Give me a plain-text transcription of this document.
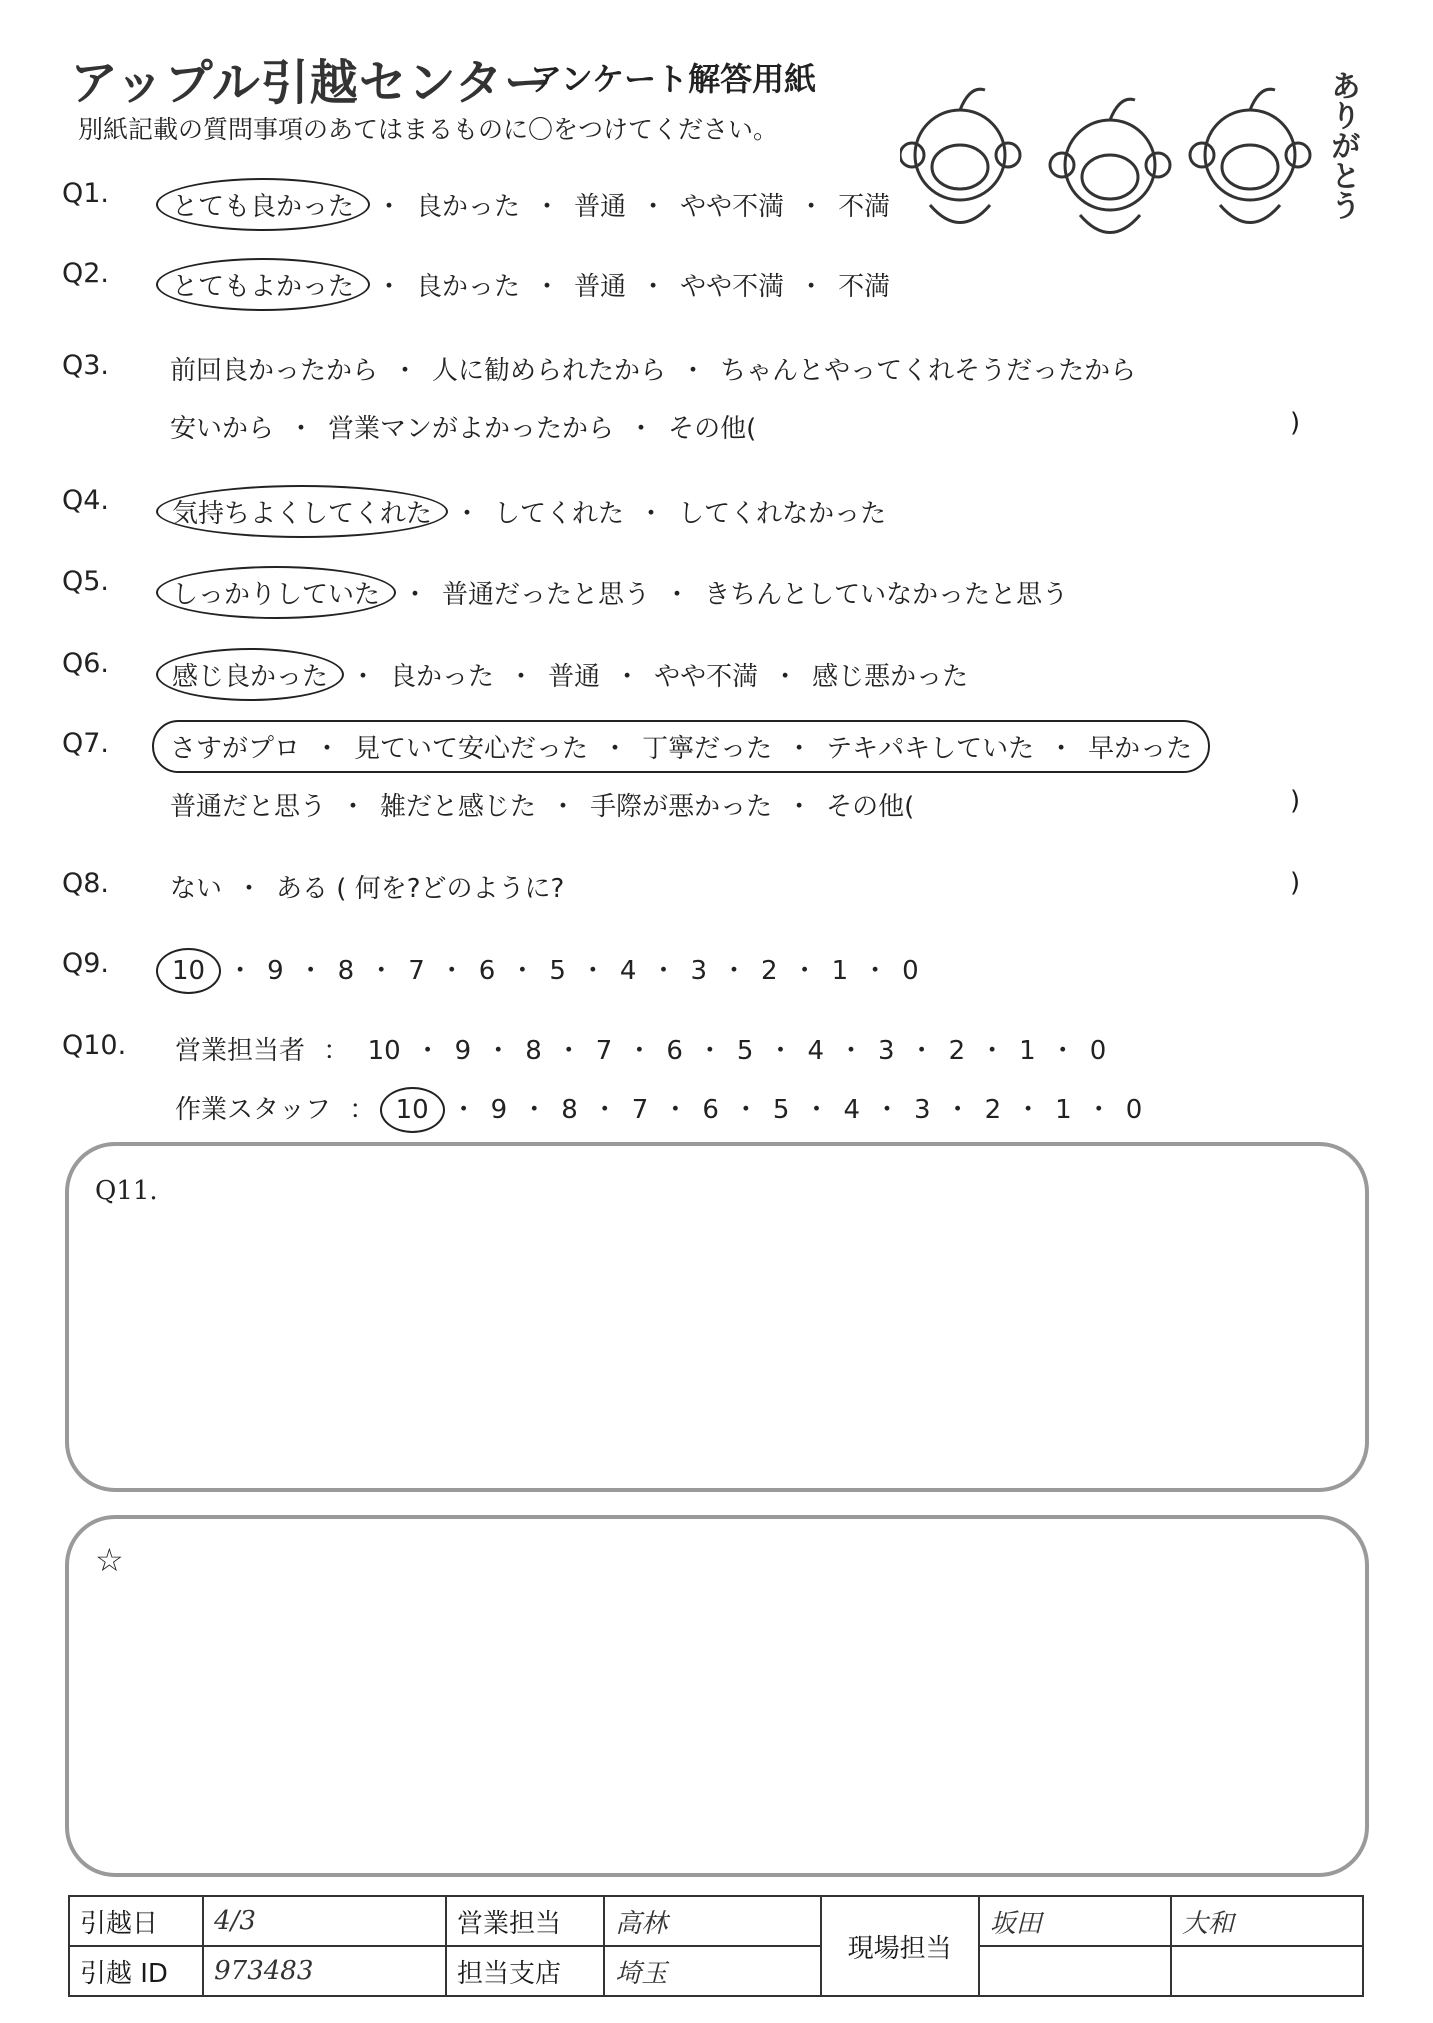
アップル引越センター
アンケート解答用紙
別紙記載の質問事項のあてはまるものに〇をつけてください。	ありがとう
Q1. とても良かった ・ 良かった ・ 普通 ・ やや不満 ・ 不満
Q2. とてもよかった ・ 良かった ・ 普通 ・ やや不満 ・ 不満
Q3. 前回良かったから ・ 人に勧められたから ・ ちゃんとやってくれそうだったから
)
安いから ・ 営業マンがよかったから ・ その他(
Q4. 気持ちよくしてくれた ・ してくれた ・ してくれなかった
Q5. しっかりしていた ・ 普通だったと思う ・ きちんとしていなかったと思う
Q6. 感じ良かった ・ 良かった ・ 普通 ・ やや不満 ・ 感じ悪かった
Q7.	さすがプロ ・ 見ていて安心だった ・ 丁寧だった ・ テキパキしていた ・ 早かった
)
普通だと思う ・ 雑だと感じた ・ 手際が悪かった ・ その他(
Q8.	)
ない ・ ある ( 何を?どのように?
Q9. 10 ・ 9 ・ 8 ・ 7 ・ 6 ・ 5 ・ 4 ・ 3 ・ 2 ・ 1 ・ 0
Q10. 営業担当者 ： 10 ・ 9 ・ 8 ・ 7 ・ 6 ・ 5 ・ 4 ・ 3 ・ 2 ・ 1 ・ 0
作業スタッフ ： 10 ・ 9 ・ 8 ・ 7 ・ 6 ・ 5 ・ 4 ・ 3 ・ 2 ・ 1 ・ 0
Q11.
☆
引越日	4/3	営業担当	高林	現場担当	坂田	大和
引越 ID	973483	担当支店	埼玉			
